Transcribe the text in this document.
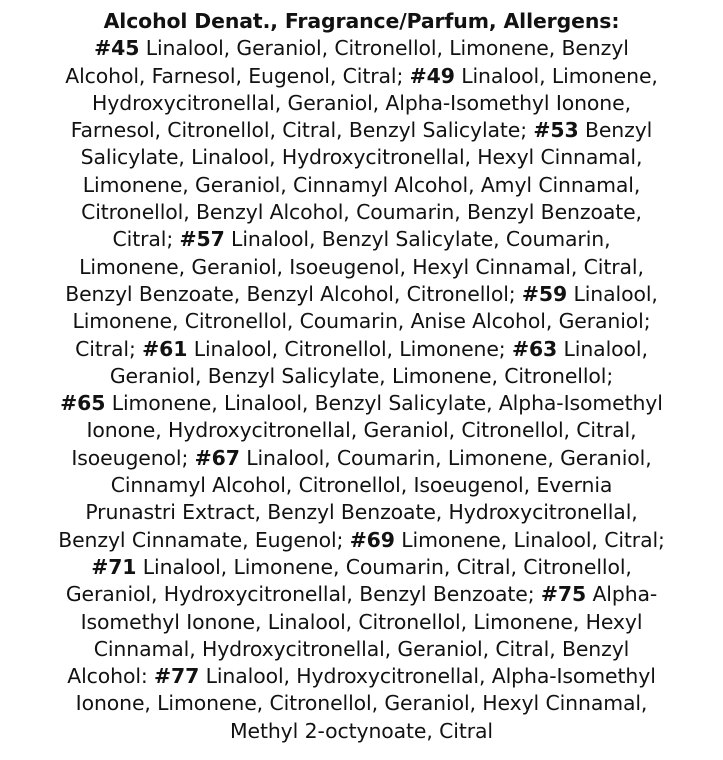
Alcohol Denat., Fragrance/Parfum, Allergens:
#45 Linalool, Geraniol, Citronellol, Limonene, Benzyl
Alcohol, Farnesol, Eugenol, Citral; #49 Linalool, Limonene,
Hydroxycitronellal, Geraniol, Alpha-Isomethyl Ionone,
Farnesol, Citronellol, Citral, Benzyl Salicylate; #53 Benzyl
Salicylate, Linalool, Hydroxycitronellal, Hexyl Cinnamal,
Limonene, Geraniol, Cinnamyl Alcohol, Amyl Cinnamal,
Citronellol, Benzyl Alcohol, Coumarin, Benzyl Benzoate,
Citral; #57 Linalool, Benzyl Salicylate, Coumarin,
Limonene, Geraniol, Isoeugenol, Hexyl Cinnamal, Citral,
Benzyl Benzoate, Benzyl Alcohol, Citronellol; #59 Linalool,
Limonene, Citronellol, Coumarin, Anise Alcohol, Geraniol;
Citral; #61 Linalool, Citronellol, Limonene; #63 Linalool,
Geraniol, Benzyl Salicylate, Limonene, Citronellol;
#65 Limonene, Linalool, Benzyl Salicylate, Alpha-Isomethyl
Ionone, Hydroxycitronellal, Geraniol, Citronellol, Citral,
Isoeugenol; #67 Linalool, Coumarin, Limonene, Geraniol,
Cinnamyl Alcohol, Citronellol, Isoeugenol, Evernia
Prunastri Extract, Benzyl Benzoate, Hydroxycitronellal,
Benzyl Cinnamate, Eugenol; #69 Limonene, Linalool, Citral;
#71 Linalool, Limonene, Coumarin, Citral, Citronellol,
Geraniol, Hydroxycitronellal, Benzyl Benzoate; #75 Alpha-
Isomethyl Ionone, Linalool, Citronellol, Limonene, Hexyl
Cinnamal, Hydroxycitronellal, Geraniol, Citral, Benzyl
Alcohol: #77 Linalool, Hydroxycitronellal, Alpha-Isomethyl
Ionone, Limonene, Citronellol, Geraniol, Hexyl Cinnamal,
Methyl 2-octynoate, Citral
